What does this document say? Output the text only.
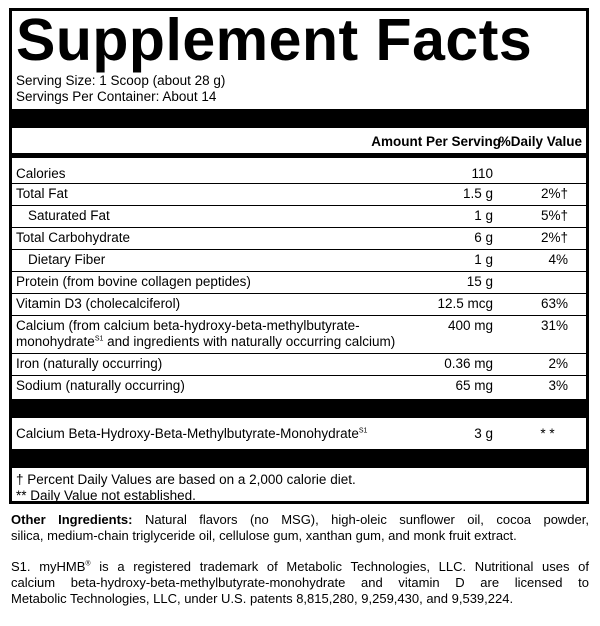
Supplement Facts
Serving Size: 1 Scoop (about 28 g)
Servings Per Container: About 14
Amount Per Serving
%Daily Value
Calories	110
Total Fat	1.5 g	2%†
Saturated Fat	1 g	5%†
Total Carbohydrate	6 g	2%†
Dietary Fiber	1 g	4%
Protein (from bovine collagen peptides)	15 g
Vitamin D3 (cholecalciferol)	12.5 mcg	63%
Calcium (from calcium beta-hydroxy-beta-methylbutyrate-
monohydrate$^{S1}$ and ingredients with naturally occurring calcium)
400 mg	31%
Iron (naturally occurring)	0.36 mg	2%
Sodium (naturally occurring)	65 mg	3%
Calcium Beta-Hydroxy-Beta-Methylbutyrate-Monohydrate$^{S1}$	3 g	* *
† Percent Daily Values are based on a 2,000 calorie diet.
** Daily Value not established.
Other Ingredients: Natural flavors (no MSG), high-oleic sunflower oil, cocoa powder,
silica, medium-chain triglyceride oil, cellulose gum, xanthan gum, and monk fruit extract.
S1. myHMB® is a registered trademark of Metabolic Technologies, LLC. Nutritional uses of
calcium beta-hydroxy-beta-methylbutyrate-monohydrate and vitamin D are licensed to
Metabolic Technologies, LLC, under U.S. patents 8,815,280, 9,259,430, and 9,539,224.
